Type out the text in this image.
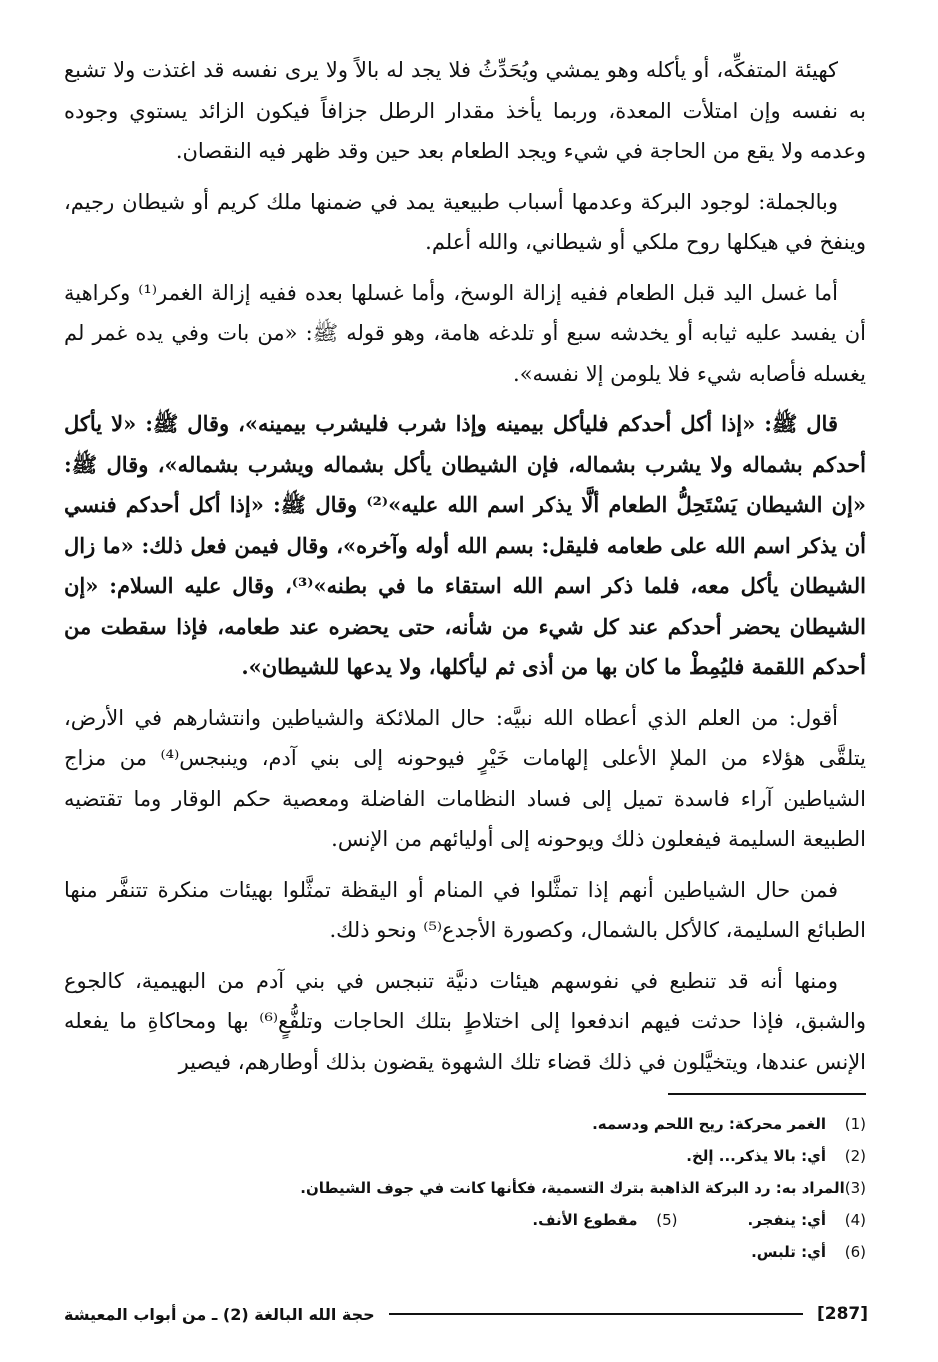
كهيئة المتفكِّه، أو يأكله وهو يمشي ويُحَدِّثُ فلا يجد له بالاً ولا يرى نفسه قد اغتذت ولا تشبع به نفسه وإن امتلأت المعدة، وربما يأخذ مقدار الرطل جزافاً فيكون الزائد يستوي وجوده وعدمه ولا يقع من الحاجة في شيء ويجد الطعام بعد حين وقد ظهر فيه النقصان.

وبالجملة: لوجود البركة وعدمها أسباب طبيعية يمد في ضمنها ملك كريم أو شيطان رجيم، وينفخ في هيكلها روح ملكي أو شيطاني، والله أعلم.

أما غسل اليد قبل الطعام ففيه إزالة الوسخ، وأما غسلها بعده ففيه إزالة الغمر⁽¹⁾ وكراهية أن يفسد عليه ثيابه أو يخدشه سبع أو تلدغه هامة، وهو قوله ﷺ: «من بات وفي يده غمر لم يغسله فأصابه شيء فلا يلومن إلا نفسه».

قال ﷺ: «إذا أكل أحدكم فليأكل بيمينه وإذا شرب فليشرب بيمينه»، وقال ﷺ: «لا يأكل أحدكم بشماله ولا يشرب بشماله، فإن الشيطان يأكل بشماله ويشرب بشماله»، وقال ﷺ: «إن الشيطان يَسْتَحِلُّ الطعام ألَّا يذكر اسم الله عليه»⁽²⁾ وقال ﷺ: «إذا أكل أحدكم فنسي أن يذكر اسم الله على طعامه فليقل: بسم الله أوله وآخره»، وقال فيمن فعل ذلك: «ما زال الشيطان يأكل معه، فلما ذكر اسم الله استقاء ما في بطنه»⁽³⁾، وقال عليه السلام: «إن الشيطان يحضر أحدكم عند كل شيء من شأنه، حتى يحضره عند طعامه، فإذا سقطت من أحدكم اللقمة فليُمِطْ ما كان بها من أذى ثم ليأكلها، ولا يدعها للشيطان».

أقول: من العلم الذي أعطاه الله نبيَّه: حال الملائكة والشياطين وانتشارهم في الأرض، يتلقَّى هؤلاء من الملإ الأعلى إلهامات خَيْرٍ فيوحونه إلى بني آدم، وينبجس⁽⁴⁾ من مزاج الشياطين آراء فاسدة تميل إلى فساد النظامات الفاضلة ومعصية حكم الوقار وما تقتضيه الطبيعة السليمة فيفعلون ذلك ويوحونه إلى أوليائهم من الإنس.

فمن حال الشياطين أنهم إذا تمثَّلوا في المنام أو اليقظة تمثَّلوا بهيئات منكرة تتنفَّر منها الطبائع السليمة، كالأكل بالشمال، وكصورة الأجدع⁽⁵⁾ ونحو ذلك.

ومنها أنه قد تنطبع في نفوسهم هيئات دنيَّة تنبجس في بني آدم من البهيمية، كالجوع والشبق، فإذا حدثت فيهم اندفعوا إلى اختلاطٍ بتلك الحاجات وتلفُّعٍ⁽⁶⁾ بها ومحاكاةِ ما يفعله الإنس عندها، ويتخيَّلون في ذلك قضاء تلك الشهوة يقضون بذلك أوطارهم، فيصير

(1)
الغمر محركة: ريح اللحم ودسمه.
(2)
أي: بالا يذكر... إلخ.
(3)
المراد به: رد البركة الذاهبة بترك التسمية، فكأنها كانت في جوف الشيطان.
(4)
أي: ينفجر.
(5)
مقطوع الأنف.
(6)
أي: تلبس.
[287]
حجة الله البالغة (2) ـ من أبواب المعيشة
